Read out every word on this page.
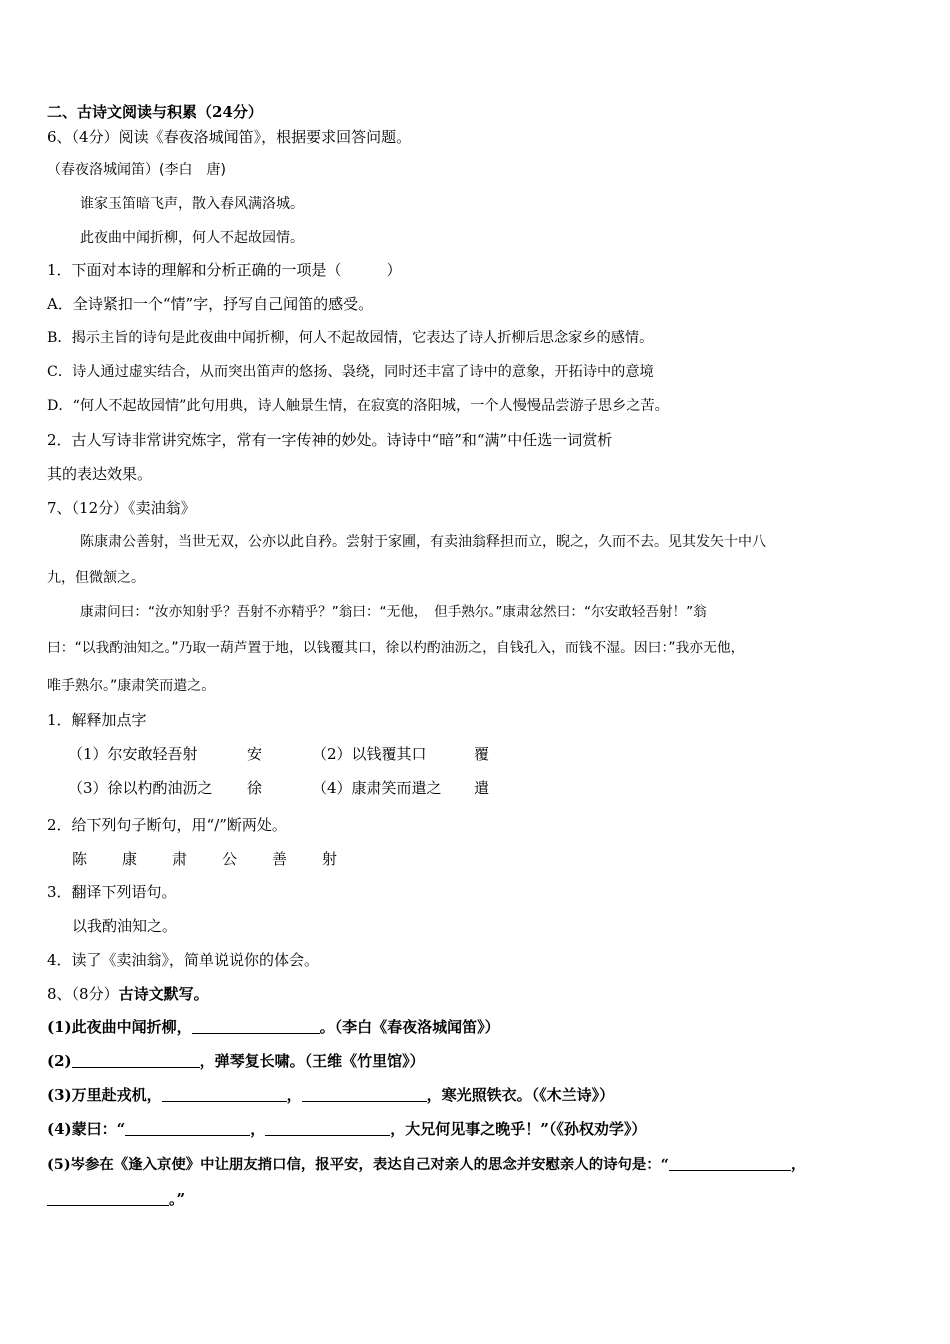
二、古诗文阅读与积累（24分）
6、（4分）阅读《春夜洛城闻笛》，根据要求回答问题。
（春夜洛城闻笛）(李白　唐)
谁家玉笛暗飞声，散入春风满洛城。
此夜曲中闻折柳，何人不起故园情。
1．下面对本诗的理解和分析正确的一项是（　　　）
A．全诗紧扣一个“情”字，抒写自己闻笛的感受。
B．揭示主旨的诗句是此夜曲中闻折柳，何人不起故园情，它表达了诗人折柳后思念家乡的感情。
C．诗人通过虚实结合，从而突出笛声的悠扬、袅绕，同时还丰富了诗中的意象，开拓诗中的意境
D．“何人不起故园情”此句用典，诗人触景生情，在寂寞的洛阳城，一个人慢慢品尝游子思乡之苦。
2．古人写诗非常讲究炼字，常有一字传神的妙处。诗诗中“暗”和“满”中任选一词赏析
其的表达效果。
7、（12分）《卖油翁》
陈康肃公善射，当世无双，公亦以此自矜。尝射于家圃，有卖油翁释担而立，睨之，久而不去。见其发矢十中八
九，但微颔之。
康肃问曰：“汝亦知射乎？吾射不亦精乎？”翁曰：“无他，　但手熟尔。”康肃忿然曰：“尔安敢轻吾射！”翁
曰：“以我酌油知之。”乃取一葫芦置于地，以钱覆其口，徐以杓酌油沥之，自钱孔入，而钱不湿。因曰：”我亦无他，
唯手熟尔。”康肃笑而遣之。
1．解释加点字
（1）尔安敢轻吾射	安	（2）以钱覆其口	覆
（3）徐以杓酌油沥之 徐	（4）康肃笑而遣之 遣
2．给下列句子断句，用“/”断两处。
陈 康 肃 公 善 射
3．翻译下列语句。
以我酌油知之。
4．读了《卖油翁》，简单说说你的体会。
8、（8分）古诗文默写。
(1)此夜曲中闻折柳，	。（李白《春夜洛城闻笛》）
(2)	，弹琴复长啸。（王维《竹里馆》）
(3)万里赴戎机，	，	，寒光照铁衣。（《木兰诗》）
(4)蒙曰：“	，	，大兄何见事之晚乎！”（《孙权劝学》）
(5)岑参在《逢入京使》中让朋友捎口信，报平安，表达自己对亲人的思念并安慰亲人的诗句是：“	，
。”
